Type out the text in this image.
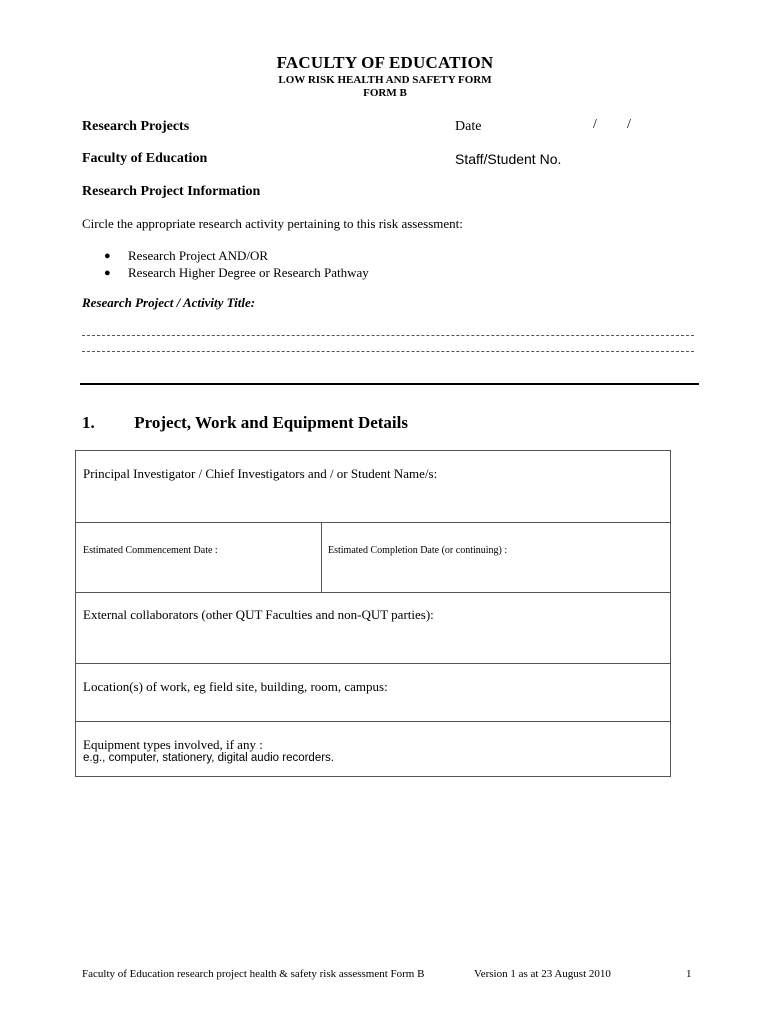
FACULTY OF EDUCATION
LOW RISK HEALTH AND SAFETY FORM
FORM B
Research Projects	Date	/ /
Faculty of Education	Staff/Student No.
Research Project Information
Circle the appropriate research activity pertaining to this risk assessment:
●	Research Project AND/OR
●	Research Higher Degree or Research Pathway
Research Project / Activity Title:
1. Project, Work and Equipment Details
Principal Investigator / Chief Investigators and / or Student Name/s:
Estimated Commencement Date :	Estimated Completion Date (or continuing) :
External collaborators (other QUT Faculties and non-QUT parties):
Location(s) of work, eg field site, building, room, campus:
Equipment types involved, if any :
e.g., computer, stationery, digital audio recorders.
Faculty of Education research project health & safety risk assessment Form B	Version 1 as at 23 August 2010	1
